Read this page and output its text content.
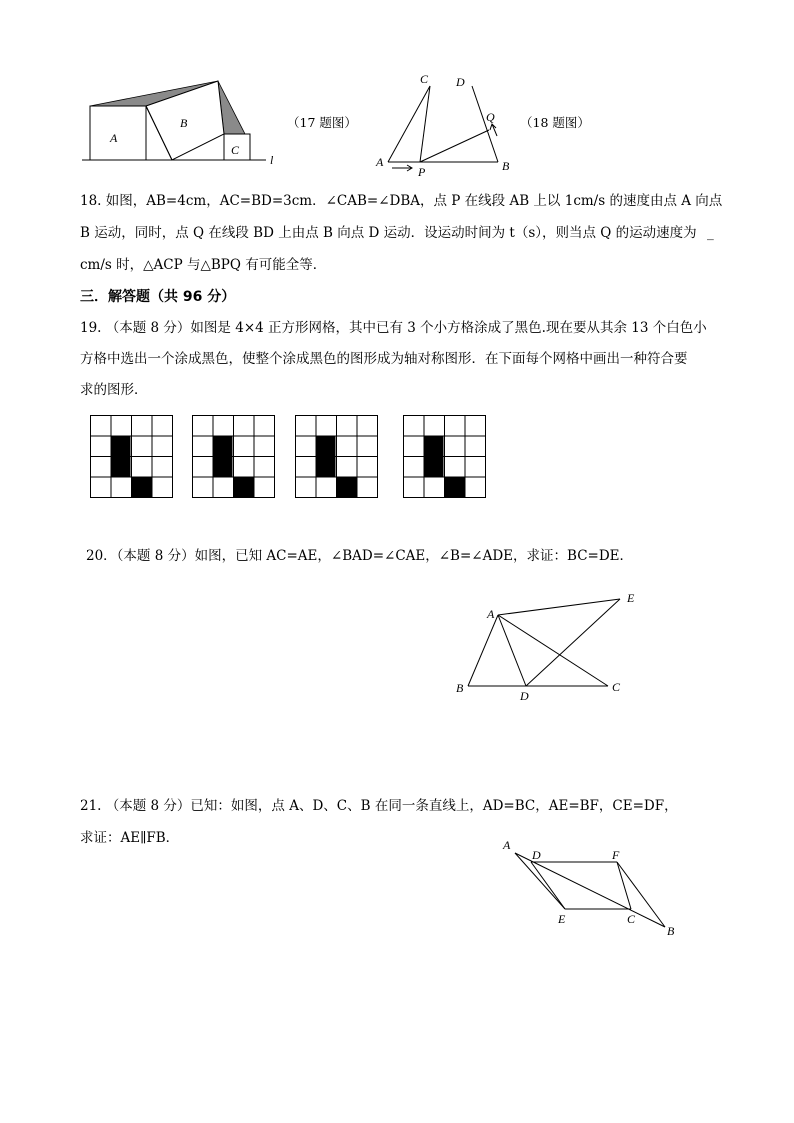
A
B
C
l
（17 题图）
C D
Q
A
P	B
（18 题图）
18. 如图，AB=4cm，AC=BD=3cm．∠CAB=∠DBA，点 P 在线段 AB 上以 1cm/s 的速度由点 A 向点
B 运动，同时，点 Q 在线段 BD 上由点 B 向点 D 运动．设运动时间为 t（s），则当点 Q 的运动速度为 _
cm/s 时，△ACP 与△BPQ 有可能全等．
三．解答题（共 96 分）
19. （本题 8 分）如图是 4×4 正方形网格，其中已有 3 个小方格涂成了黑色.现在要从其余 13 个白色小
方格中选出一个涂成黑色，使整个涂成黑色的图形成为轴对称图形．在下面每个网格中画出一种符合要
求的图形．
20．（本题 8 分）如图，已知 AC=AE，∠BAD=∠CAE，∠B=∠ADE，求证：BC=DE．
A
E
B
D
C
21. （本题 8 分）已知：如图，点 A、D、C、B 在同一条直线上，AD=BC，AE=BF，CE=DF，
求证：AE∥FB．	A
D	F
E	C
B
